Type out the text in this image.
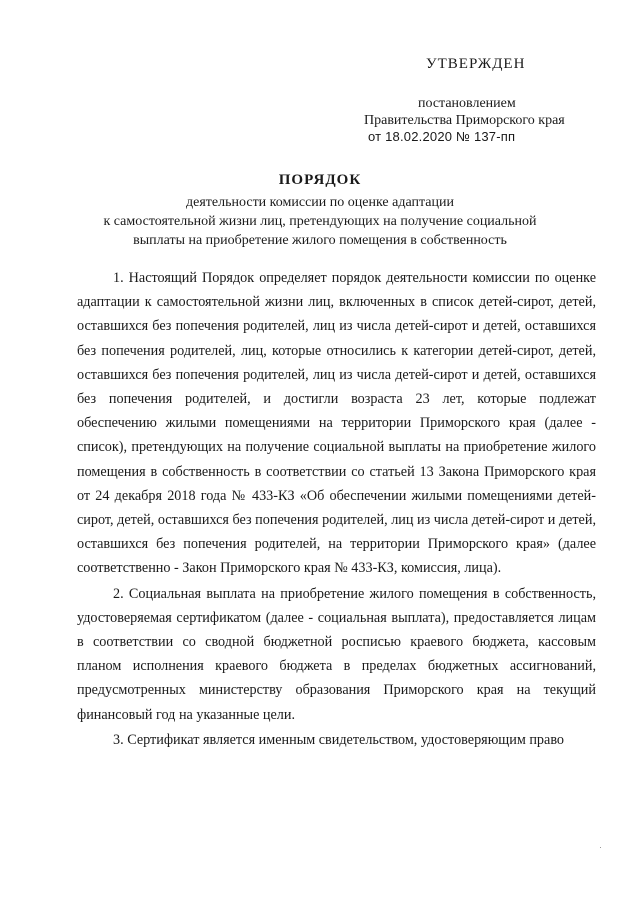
УТВЕРЖДЕН
постановлением
Правительства Приморского края
от 18.02.2020 № 137-пп
ПОРЯДОК
деятельности комиссии по оценке адаптации
к самостоятельной жизни лиц, претендующих на получение социальной
выплаты на приобретение жилого помещения в собственность

1. Настоящий Порядок определяет порядок деятельности комиссии по оценке адаптации к самостоятельной жизни лиц, включенных в список детей-сирот, детей, оставшихся без попечения родителей, лиц из числа детей-сирот и детей, оставшихся без попечения родителей, лиц, которые относились к категории детей-сирот, детей, оставшихся без попечения родителей, лиц из числа детей-сирот и детей, оставшихся без попечения родителей, и достигли возраста 23 лет, которые подлежат обеспечению жилыми помещениями на территории Приморского края (далее - список), претендующих на получение социальной выплаты на приобретение жилого помещения в собственность в соответствии со статьей 13 Закона Приморского края от 24 декабря 2018 года № 433-КЗ «Об обеспечении жилыми помещениями детей-сирот, детей, оставшихся без попечения родителей, лиц из числа детей-сирот и детей, оставшихся без попечения родителей, на территории Приморского края» (далее соответственно - Закон Приморского края № 433-КЗ, комиссия, лица).

2. Социальная выплата на приобретение жилого помещения в собственность, удостоверяемая сертификатом (далее - социальная выплата), предоставляется лицам в соответствии со сводной бюджетной росписью краевого бюджета, кассовым планом исполнения краевого бюджета в пределах бюджетных ассигнований, предусмотренных министерству образования Приморского края на текущий финансовый год на указанные цели.

3. Сертификат является именным свидетельством, удостоверяющим право
